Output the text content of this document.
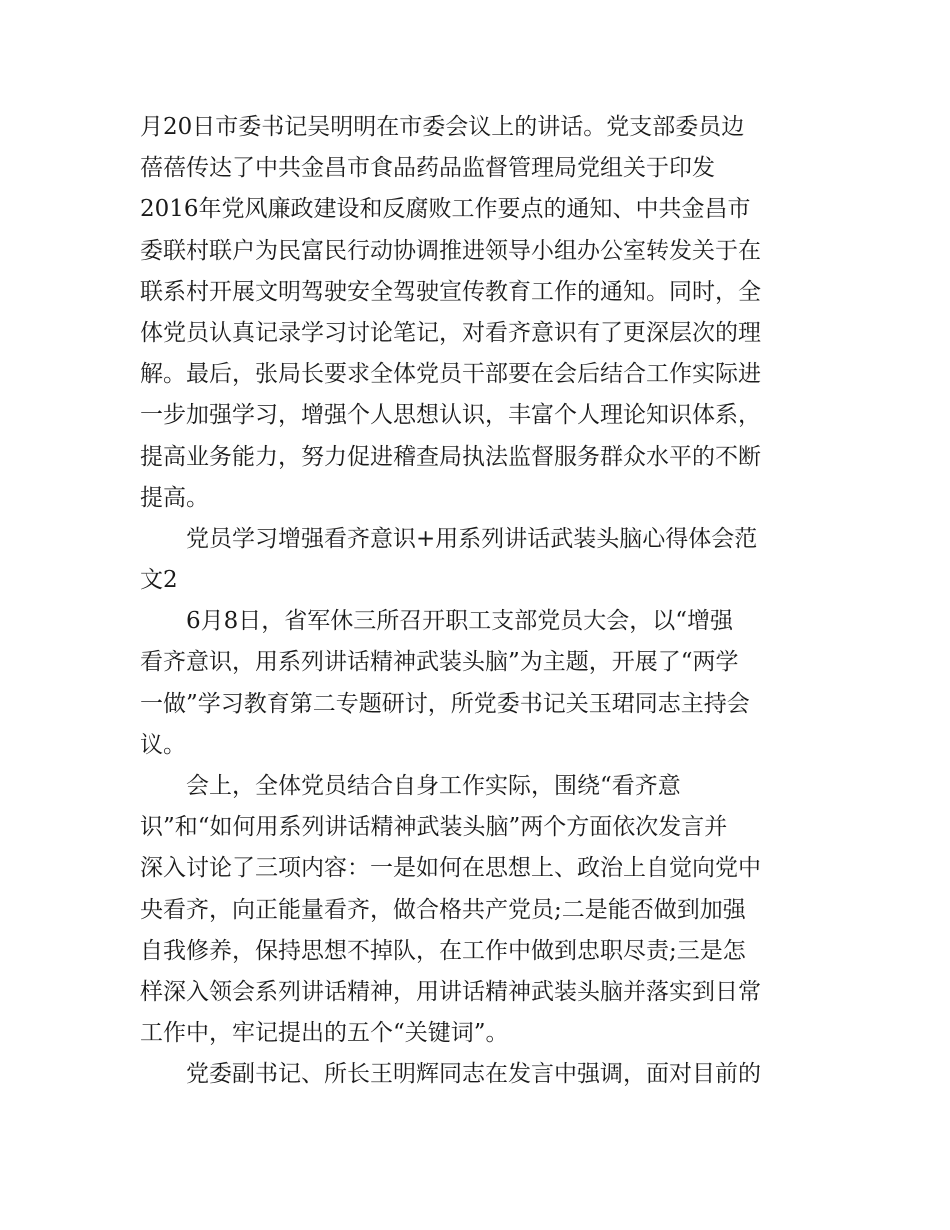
月20日市委书记吴明明在市委会议上的讲话。党支部委员边
蓓蓓传达了中共金昌市食品药品监督管理局党组关于印发
2016年党风廉政建设和反腐败工作要点的通知、中共金昌市
委联村联户为民富民行动协调推进领导小组办公室转发关于在
联系村开展文明驾驶安全驾驶宣传教育工作的通知。同时，全
体党员认真记录学习讨论笔记，对看齐意识有了更深层次的理
解。最后，张局长要求全体党员干部要在会后结合工作实际进
一步加强学习，增强个人思想认识，丰富个人理论知识体系，
提高业务能力，努力促进稽查局执法监督服务群众水平的不断
提高。
党员学习增强看齐意识+用系列讲话武装头脑心得体会范
文2
6月8日，省军休三所召开职工支部党员大会，以“增强
看齐意识，用系列讲话精神武装头脑”为主题，开展了“两学
一做”学习教育第二专题研讨，所党委书记关玉珺同志主持会
议。
会上，全体党员结合自身工作实际，围绕“看齐意
识”和“如何用系列讲话精神武装头脑”两个方面依次发言并
深入讨论了三项内容：一是如何在思想上、政治上自觉向党中
央看齐，向正能量看齐，做合格共产党员;二是能否做到加强
自我修养，保持思想不掉队，在工作中做到忠职尽责;三是怎
样深入领会系列讲话精神，用讲话精神武装头脑并落实到日常
工作中，牢记提出的五个“关键词”。
党委副书记、所长王明辉同志在发言中强调，面对目前的
